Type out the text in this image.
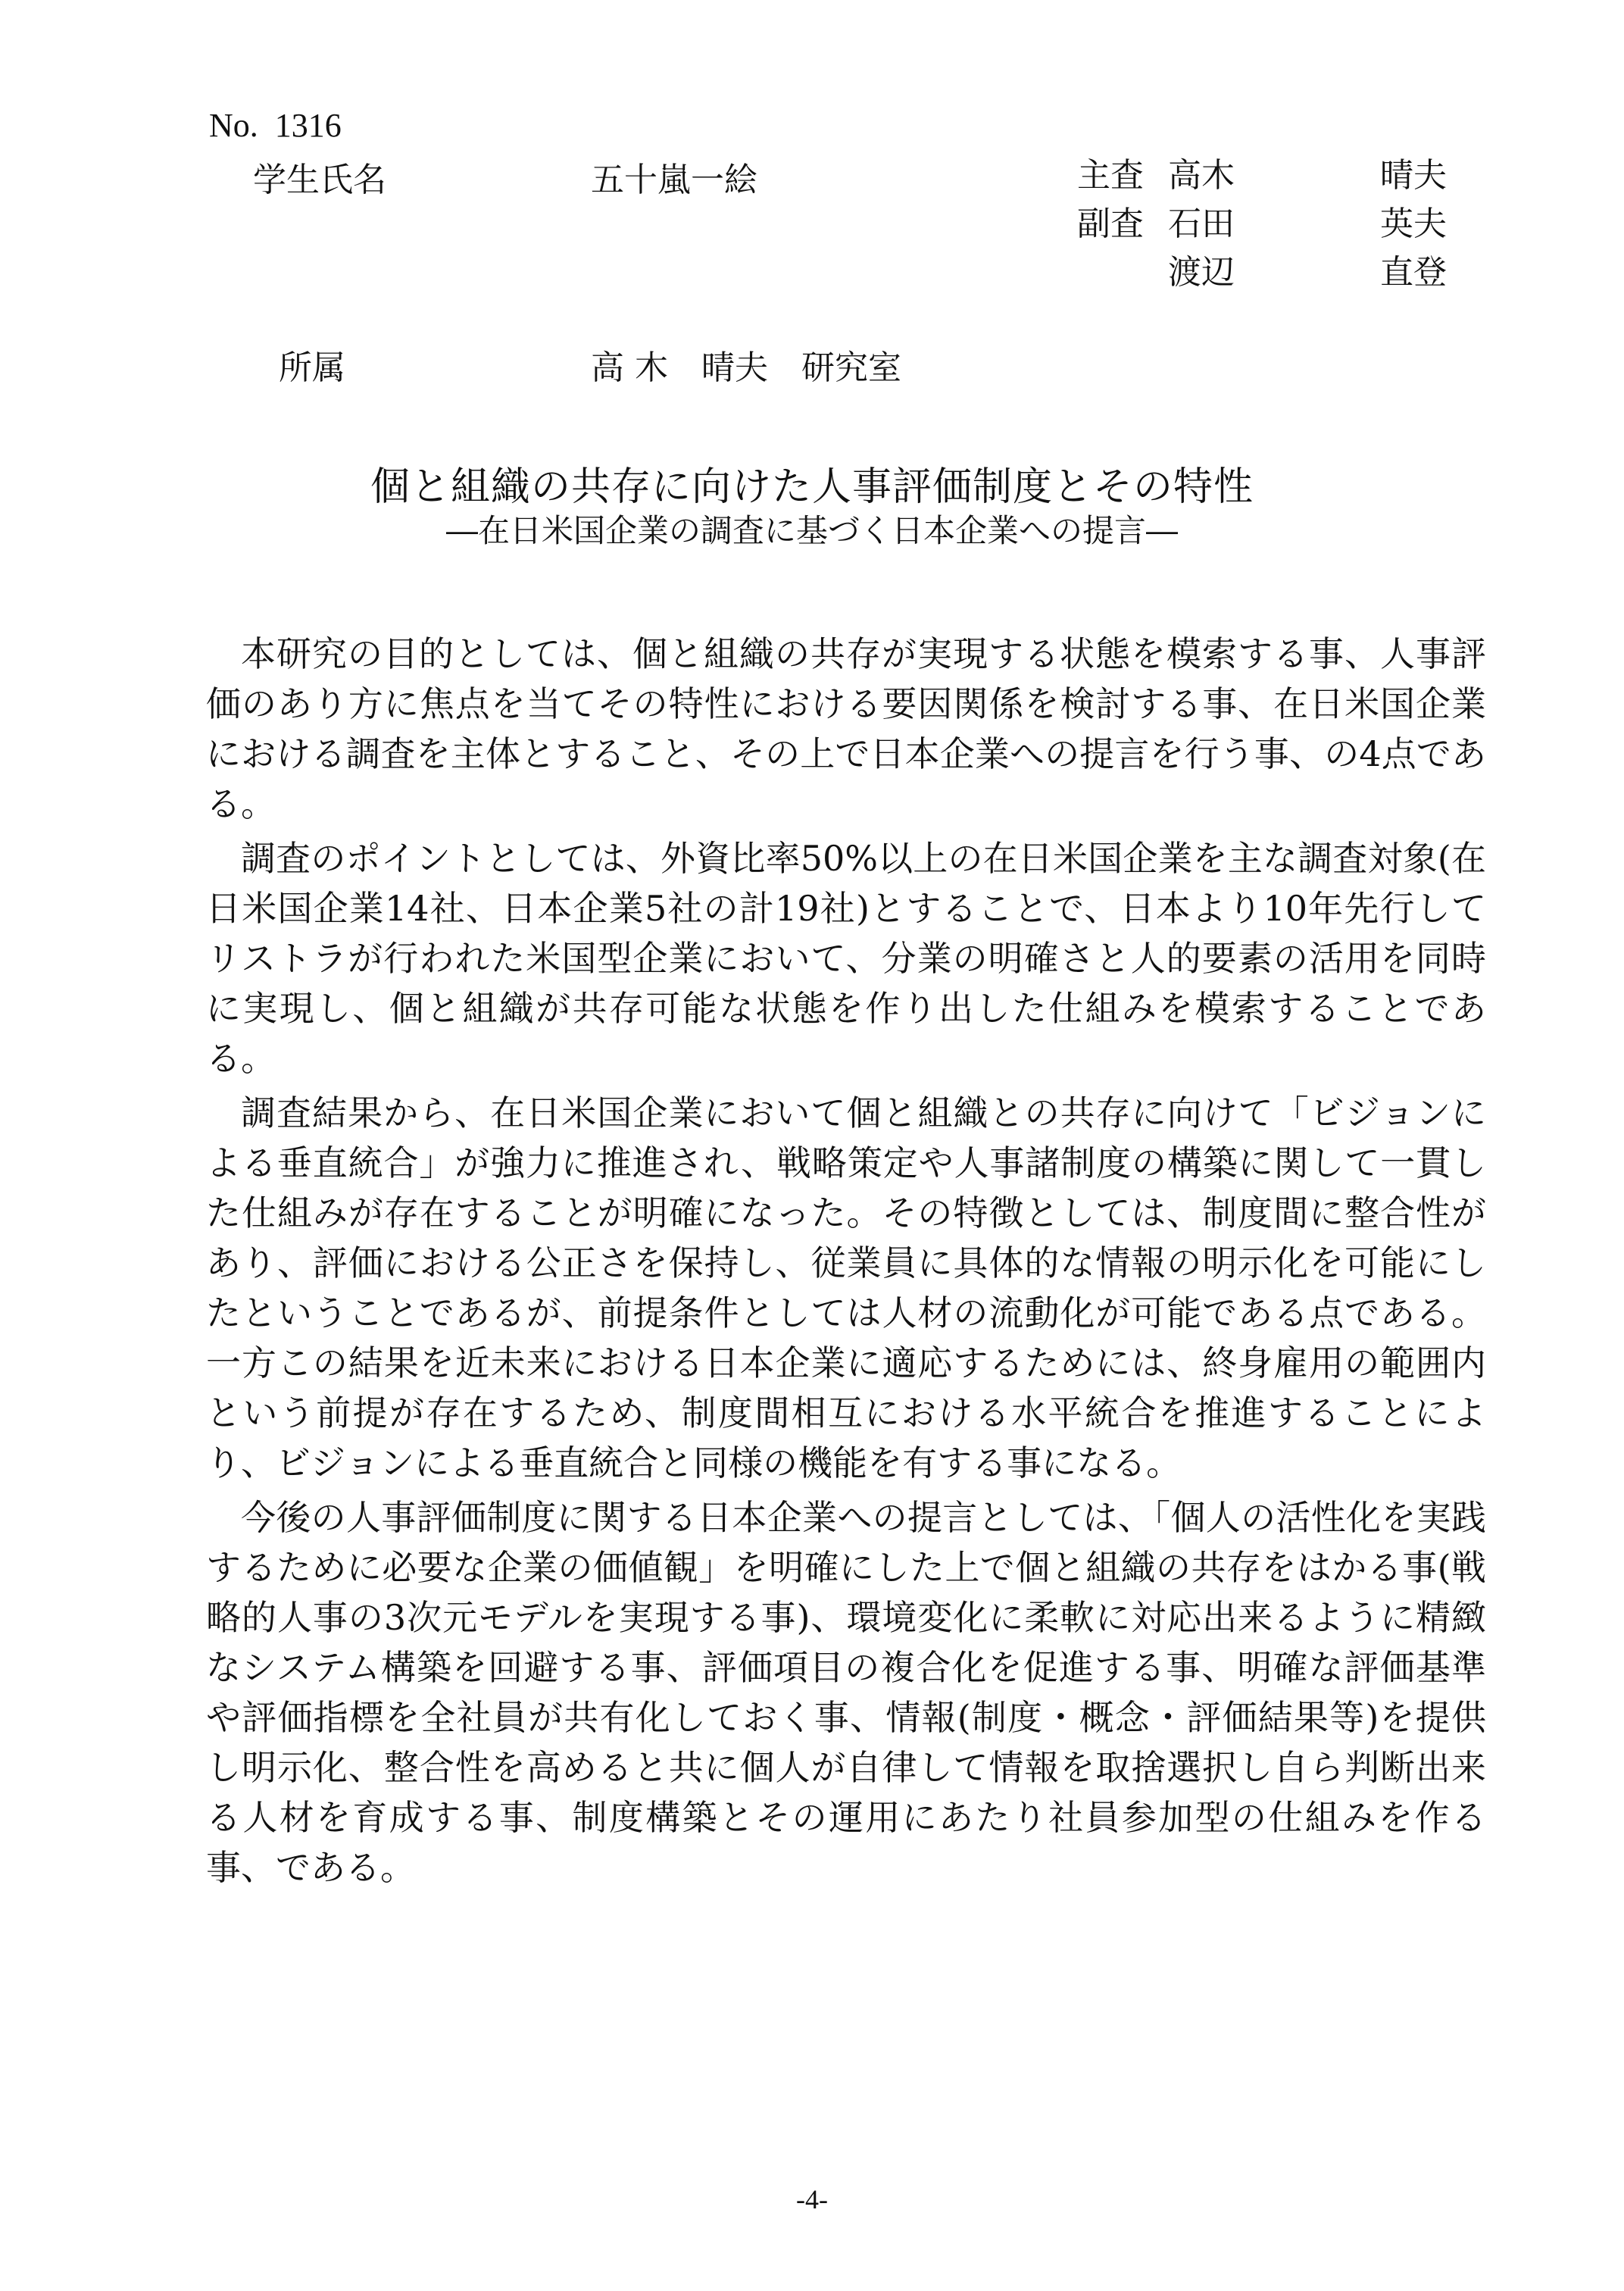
No.  1316
学生氏名	五十嵐一絵	主査 高木	晴夫
副査 石田	英夫
渡辺	直登
所属	高 木　晴夫　研究室
個と組織の共存に向けた人事評価制度とその特性
―在日米国企業の調査に基づく日本企業への提言―

本研究の目的としては、個と組織の共存が実現する状態を模索する事、人事評価のあり方に焦点を当てその特性における要因関係を検討する事、在日米国企業における調査を主体とすること、その上で日本企業への提言を行う事、の4点である。

調査のポイントとしては、外資比率50%以上の在日米国企業を主な調査対象(在日米国企業14社、日本企業5社の計19社)とすることで、日本より10年先行してリストラが行われた米国型企業において、分業の明確さと人的要素の活用を同時に実現し、個と組織が共存可能な状態を作り出した仕組みを模索することである。

調査結果から、在日米国企業において個と組織との共存に向けて「ビジョンによる垂直統合」が強力に推進され、戦略策定や人事諸制度の構築に関して一貫した仕組みが存在することが明確になった。その特徴としては、制度間に整合性があり、評価における公正さを保持し、従業員に具体的な情報の明示化を可能にしたということであるが、前提条件としては人材の流動化が可能である点である。一方この結果を近未来における日本企業に適応するためには、終身雇用の範囲内という前提が存在するため、制度間相互における水平統合を推進することにより、ビジョンによる垂直統合と同様の機能を有する事になる。

今後の人事評価制度に関する日本企業への提言としては、「個人の活性化を実践するために必要な企業の価値観」を明確にした上で個と組織の共存をはかる事(戦略的人事の3次元モデルを実現する事)、環境変化に柔軟に対応出来るように精緻なシステム構築を回避する事、評価項目の複合化を促進する事、明確な評価基準や評価指標を全社員が共有化しておく事、情報(制度・概念・評価結果等)を提供し明示化、整合性を高めると共に個人が自律して情報を取捨選択し自ら判断出来る人材を育成する事、制度構築とその運用にあたり社員参加型の仕組みを作る事、である。

-4-
